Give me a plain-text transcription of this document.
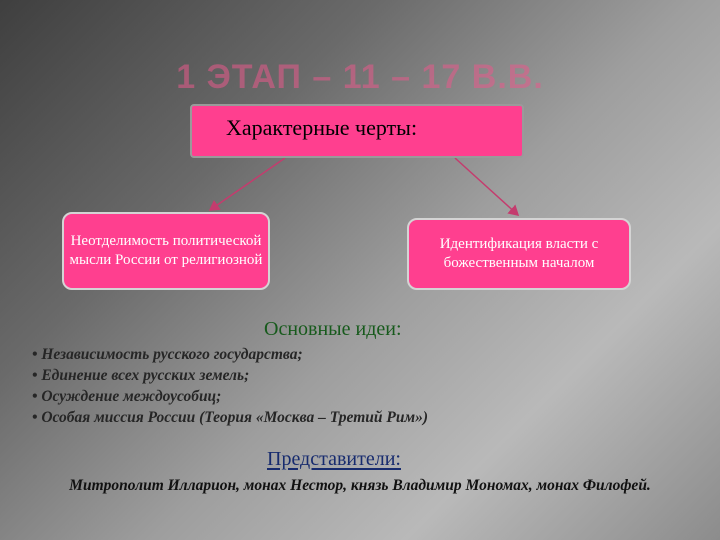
1 ЭТАП – 11 – 17 В.В.
Характерные черты:
Неотделимость политической мысли России от религиозной
Идентификация власти с божественным началом
Основные идеи:
• Независимость русского государства;
• Единение всех русских земель;
• Осуждение междоусобиц;
• Особая миссия России (Теория «Москва – Третий Рим»)
Представители:
Митрополит Илларион, монах Нестор, князь Владимир Мономах, монах Филофей.
